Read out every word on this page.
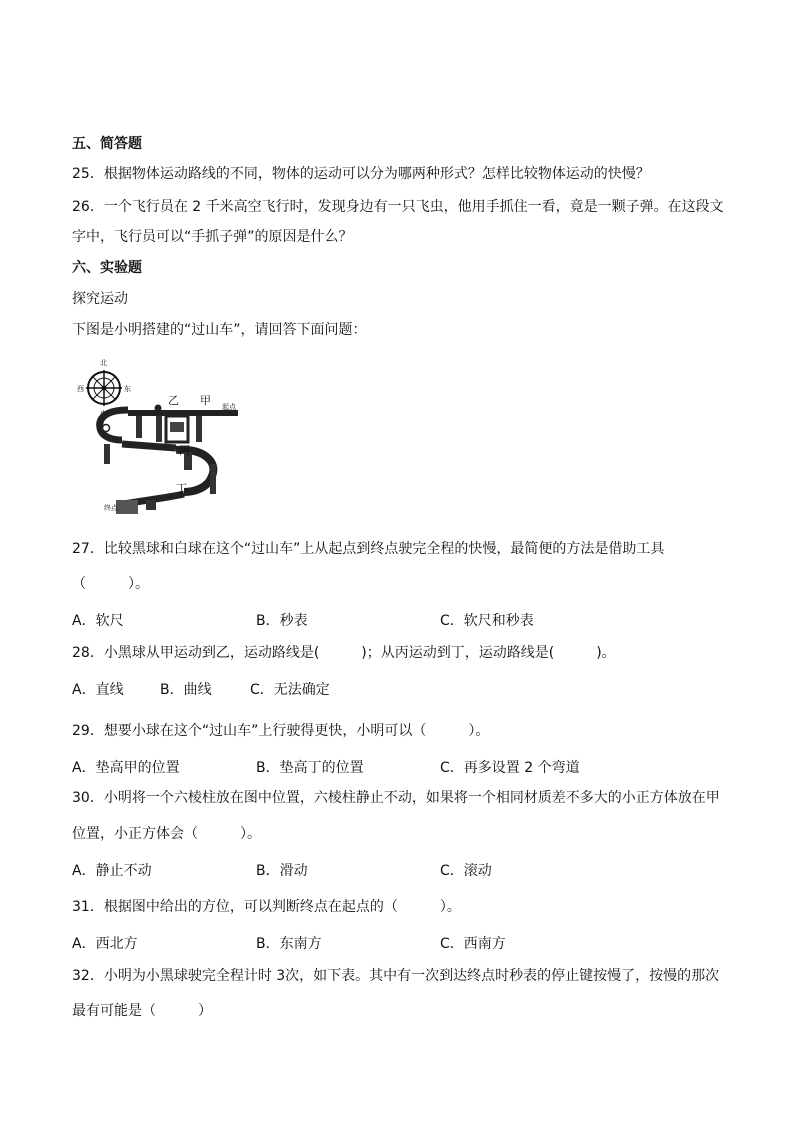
五、简答题
25．根据物体运动路线的不同，物体的运动可以分为哪两种形式？怎样比较物体运动的快慢？
26．一个飞行员在 2 千米高空飞行时，发现身边有一只飞虫，他用手抓住一看，竟是一颗子弹。在这段文
字中，飞行员可以“手抓子弹”的原因是什么？
六、实验题
探究运动
下图是小明搭建的“过山车”，请回答下面问题：
北
南
东
西
乙 甲 起点
丙
丁
终点
27．比较黑球和白球在这个“过山车”上从起点到终点驶完全程的快慢，最简便的方法是借助工具
（　　　）。
A．软尺	B．秒表	C．软尺和秒表
28．小黑球从甲运动到乙，运动路线是(　　　)；从丙运动到丁，运动路线是(　　　)。
A．直线	B．曲线	C．无法确定
29．想要小球在这个“过山车”上行驶得更快，小明可以（　　　）。
A．垫高甲的位置	B．垫高丁的位置	C．再多设置 2 个弯道
30．小明将一个六棱柱放在图中位置，六棱柱静止不动，如果将一个相同材质差不多大的小正方体放在甲
位置，小正方体会（　　　）。
A．静止不动	B．滑动	C．滚动
31．根据图中给出的方位，可以判断终点在起点的（　　　）。
A．西北方	B．东南方	C．西南方
32．小明为小黑球驶完全程计时 3次，如下表。其中有一次到达终点时秒表的停止键按慢了，按慢的那次
最有可能是（　　　）
